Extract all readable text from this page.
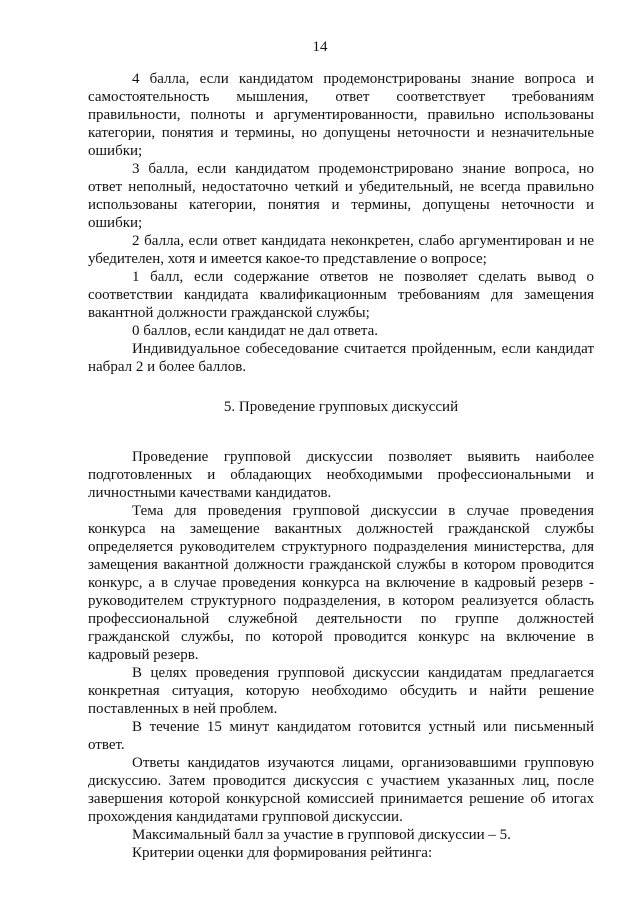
14

4 балла, если кандидатом продемонстрированы знание вопроса и самостоятельность мышления, ответ соответствует требованиям правильности, полноты и аргументированности, правильно использованы категории, понятия и термины, но допущены неточности и незначительные ошибки;

3 балла, если кандидатом продемонстрировано знание вопроса, но ответ неполный, недостаточно четкий и убедительный, не всегда правильно использованы категории, понятия и термины, допущены неточности и ошибки;

2 балла, если ответ кандидата неконкретен, слабо аргументирован и не убедителен, хотя и имеется какое-то представление о вопросе;

1 балл, если содержание ответов не позволяет сделать вывод о соответствии кандидата квалификационным требованиям для замещения вакантной должности гражданской службы;

0 баллов, если кандидат не дал ответа.

Индивидуальное собеседование считается пройденным, если кандидат набрал 2 и более баллов.

5. Проведение групповых дискуссий

Проведение групповой дискуссии позволяет выявить наиболее подготовленных и обладающих необходимыми профессиональными и личностными качествами кандидатов.

Тема для проведения групповой дискуссии в случае проведения конкурса на замещение вакантных должностей гражданской службы определяется руководителем структурного подразделения министерства, для замещения вакантной должности гражданской службы в котором проводится конкурс, а в случае проведения конкурса на включение в кадровый резерв - руководителем структурного подразделения, в котором реализуется область профессиональной служебной деятельности по группе должностей гражданской службы, по которой проводится конкурс на включение в кадровый резерв.

В целях проведения групповой дискуссии кандидатам предлагается конкретная ситуация, которую необходимо обсудить и найти решение поставленных в ней проблем.

В течение 15 минут кандидатом готовится устный или письменный ответ.

Ответы кандидатов изучаются лицами, организовавшими групповую дискуссию. Затем проводится дискуссия с участием указанных лиц, после завершения которой конкурсной комиссией принимается решение об итогах прохождения кандидатами групповой дискуссии.

Максимальный балл за участие в групповой дискуссии – 5.

Критерии оценки для формирования рейтинга:
